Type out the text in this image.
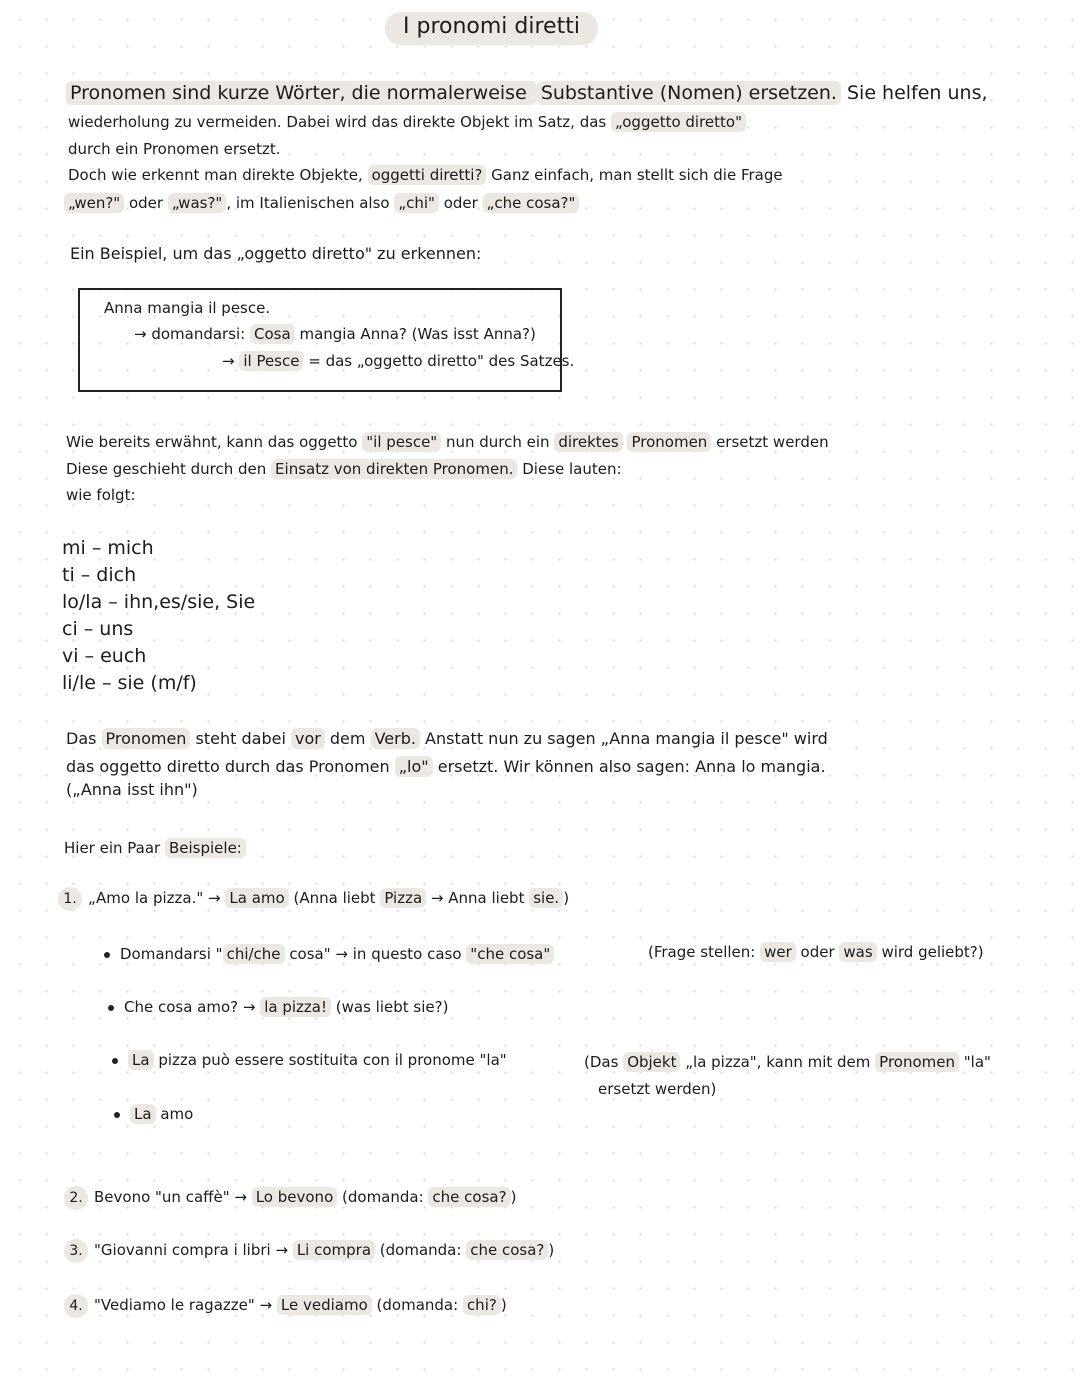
I pronomi diretti
Pronomen sind kurze Wörter, die normalerweise Substantive (Nomen) ersetzen. Sie helfen uns,
wiederholung zu vermeiden. Dabei wird das direkte Objekt im Satz, das „oggetto diretto"
durch ein Pronomen ersetzt.
Doch wie erkennt man direkte Objekte, oggetti diretti? Ganz einfach, man stellt sich die Frage
„wen?" oder „was?" , im Italienischen also „chi" oder „che cosa?"
Ein Beispiel, um das „oggetto diretto" zu erkennen:
Anna mangia il pesce.
→ domandarsi: Cosa mangia Anna? (Was isst Anna?)
→ il Pesce = das „oggetto diretto" des Satzes.
Wie bereits erwähnt, kann das oggetto "il pesce" nun durch ein direktes Pronomen ersetzt werden
Diese geschieht durch den Einsatz von direkten Pronomen. Diese lauten:
wie folgt:
mi – mich
ti – dich
lo/la – ihn,es/sie, Sie
ci – uns
vi – euch
li/le – sie (m/f)
Das Pronomen steht dabei vor dem Verb. Anstatt nun zu sagen „Anna mangia il pesce" wird
das oggetto diretto durch das Pronomen „lo" ersetzt. Wir können also sagen: Anna lo mangia.
(„Anna isst ihn")
Hier ein Paar Beispiele:
1. „Amo la pizza." → La amo (Anna liebt Pizza → Anna liebt sie. )
Domandarsi " chi/che cosa" → in questo caso "che cosa"	(Frage stellen: wer oder was wird geliebt?)
Che cosa amo? → la pizza! (was liebt sie?)
La pizza può essere sostituita con il pronome "la"	(Das Objekt „la pizza", kann mit dem Pronomen "la"
ersetzt werden)
La amo
2. Bevono "un caffè" → Lo bevono (domanda: che cosa? )
3. "Giovanni compra i libri → Li compra (domanda: che cosa? )
4. "Vediamo le ragazze" → Le vediamo (domanda: chi? )
